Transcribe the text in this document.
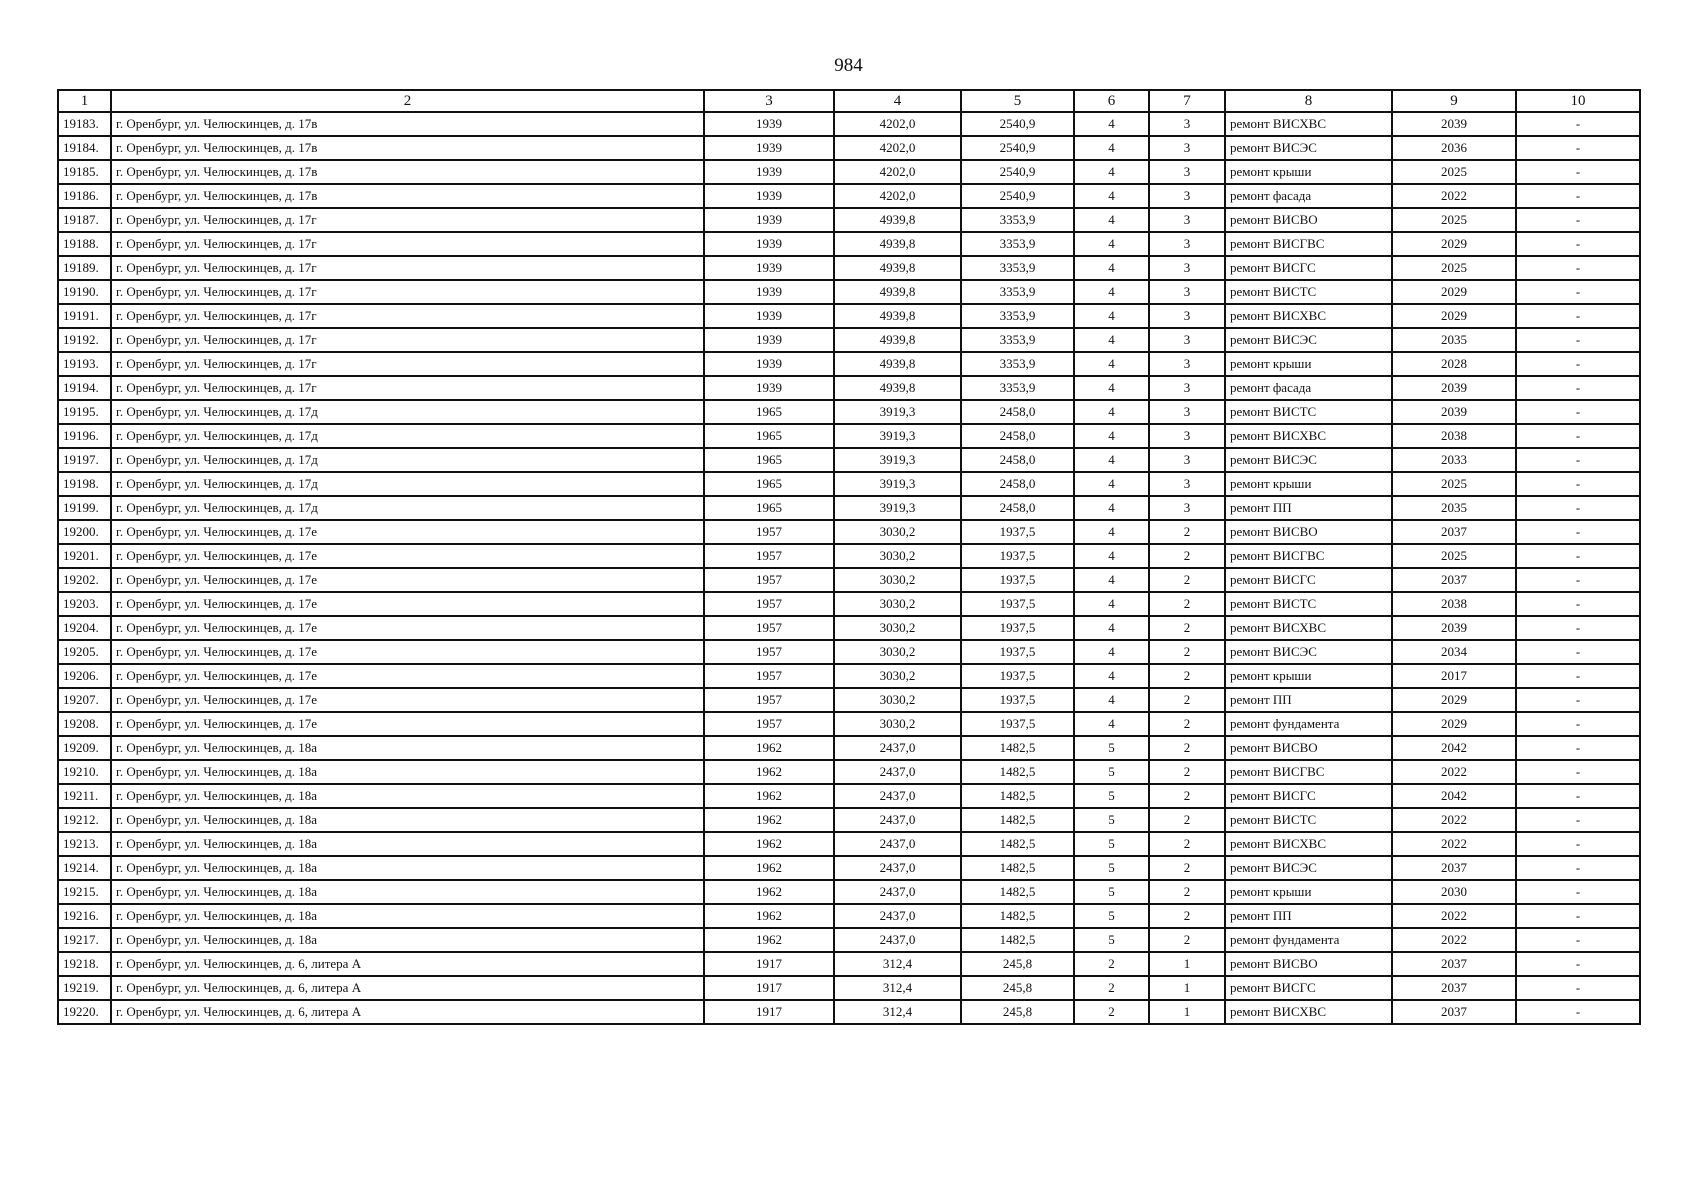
984
1	2	3	4	5	6	7	8	9	10
19183.	г. Оренбург, ул. Челюскинцев, д. 17в	1939	4202,0	2540,9	4	3	ремонт ВИСХВС	2039	-
19184.	г. Оренбург, ул. Челюскинцев, д. 17в	1939	4202,0	2540,9	4	3	ремонт ВИСЭС	2036	-
19185.	г. Оренбург, ул. Челюскинцев, д. 17в	1939	4202,0	2540,9	4	3	ремонт крыши	2025	-
19186.	г. Оренбург, ул. Челюскинцев, д. 17в	1939	4202,0	2540,9	4	3	ремонт фасада	2022	-
19187.	г. Оренбург, ул. Челюскинцев, д. 17г	1939	4939,8	3353,9	4	3	ремонт ВИСВО	2025	-
19188.	г. Оренбург, ул. Челюскинцев, д. 17г	1939	4939,8	3353,9	4	3	ремонт ВИСГВС	2029	-
19189.	г. Оренбург, ул. Челюскинцев, д. 17г	1939	4939,8	3353,9	4	3	ремонт ВИСГС	2025	-
19190.	г. Оренбург, ул. Челюскинцев, д. 17г	1939	4939,8	3353,9	4	3	ремонт ВИСТС	2029	-
19191.	г. Оренбург, ул. Челюскинцев, д. 17г	1939	4939,8	3353,9	4	3	ремонт ВИСХВС	2029	-
19192.	г. Оренбург, ул. Челюскинцев, д. 17г	1939	4939,8	3353,9	4	3	ремонт ВИСЭС	2035	-
19193.	г. Оренбург, ул. Челюскинцев, д. 17г	1939	4939,8	3353,9	4	3	ремонт крыши	2028	-
19194.	г. Оренбург, ул. Челюскинцев, д. 17г	1939	4939,8	3353,9	4	3	ремонт фасада	2039	-
19195.	г. Оренбург, ул. Челюскинцев, д. 17д	1965	3919,3	2458,0	4	3	ремонт ВИСТС	2039	-
19196.	г. Оренбург, ул. Челюскинцев, д. 17д	1965	3919,3	2458,0	4	3	ремонт ВИСХВС	2038	-
19197.	г. Оренбург, ул. Челюскинцев, д. 17д	1965	3919,3	2458,0	4	3	ремонт ВИСЭС	2033	-
19198.	г. Оренбург, ул. Челюскинцев, д. 17д	1965	3919,3	2458,0	4	3	ремонт крыши	2025	-
19199.	г. Оренбург, ул. Челюскинцев, д. 17д	1965	3919,3	2458,0	4	3	ремонт ПП	2035	-
19200.	г. Оренбург, ул. Челюскинцев, д. 17е	1957	3030,2	1937,5	4	2	ремонт ВИСВО	2037	-
19201.	г. Оренбург, ул. Челюскинцев, д. 17е	1957	3030,2	1937,5	4	2	ремонт ВИСГВС	2025	-
19202.	г. Оренбург, ул. Челюскинцев, д. 17е	1957	3030,2	1937,5	4	2	ремонт ВИСГС	2037	-
19203.	г. Оренбург, ул. Челюскинцев, д. 17е	1957	3030,2	1937,5	4	2	ремонт ВИСТС	2038	-
19204.	г. Оренбург, ул. Челюскинцев, д. 17е	1957	3030,2	1937,5	4	2	ремонт ВИСХВС	2039	-
19205.	г. Оренбург, ул. Челюскинцев, д. 17е	1957	3030,2	1937,5	4	2	ремонт ВИСЭС	2034	-
19206.	г. Оренбург, ул. Челюскинцев, д. 17е	1957	3030,2	1937,5	4	2	ремонт крыши	2017	-
19207.	г. Оренбург, ул. Челюскинцев, д. 17е	1957	3030,2	1937,5	4	2	ремонт ПП	2029	-
19208.	г. Оренбург, ул. Челюскинцев, д. 17е	1957	3030,2	1937,5	4	2	ремонт фундамента	2029	-
19209.	г. Оренбург, ул. Челюскинцев, д. 18а	1962	2437,0	1482,5	5	2	ремонт ВИСВО	2042	-
19210.	г. Оренбург, ул. Челюскинцев, д. 18а	1962	2437,0	1482,5	5	2	ремонт ВИСГВС	2022	-
19211.	г. Оренбург, ул. Челюскинцев, д. 18а	1962	2437,0	1482,5	5	2	ремонт ВИСГС	2042	-
19212.	г. Оренбург, ул. Челюскинцев, д. 18а	1962	2437,0	1482,5	5	2	ремонт ВИСТС	2022	-
19213.	г. Оренбург, ул. Челюскинцев, д. 18а	1962	2437,0	1482,5	5	2	ремонт ВИСХВС	2022	-
19214.	г. Оренбург, ул. Челюскинцев, д. 18а	1962	2437,0	1482,5	5	2	ремонт ВИСЭС	2037	-
19215.	г. Оренбург, ул. Челюскинцев, д. 18а	1962	2437,0	1482,5	5	2	ремонт крыши	2030	-
19216.	г. Оренбург, ул. Челюскинцев, д. 18а	1962	2437,0	1482,5	5	2	ремонт ПП	2022	-
19217.	г. Оренбург, ул. Челюскинцев, д. 18а	1962	2437,0	1482,5	5	2	ремонт фундамента	2022	-
19218.	г. Оренбург, ул. Челюскинцев, д. 6, литера А	1917	312,4	245,8	2	1	ремонт ВИСВО	2037	-
19219.	г. Оренбург, ул. Челюскинцев, д. 6, литера А	1917	312,4	245,8	2	1	ремонт ВИСГС	2037	-
19220.	г. Оренбург, ул. Челюскинцев, д. 6, литера А	1917	312,4	245,8	2	1	ремонт ВИСХВС	2037	-
